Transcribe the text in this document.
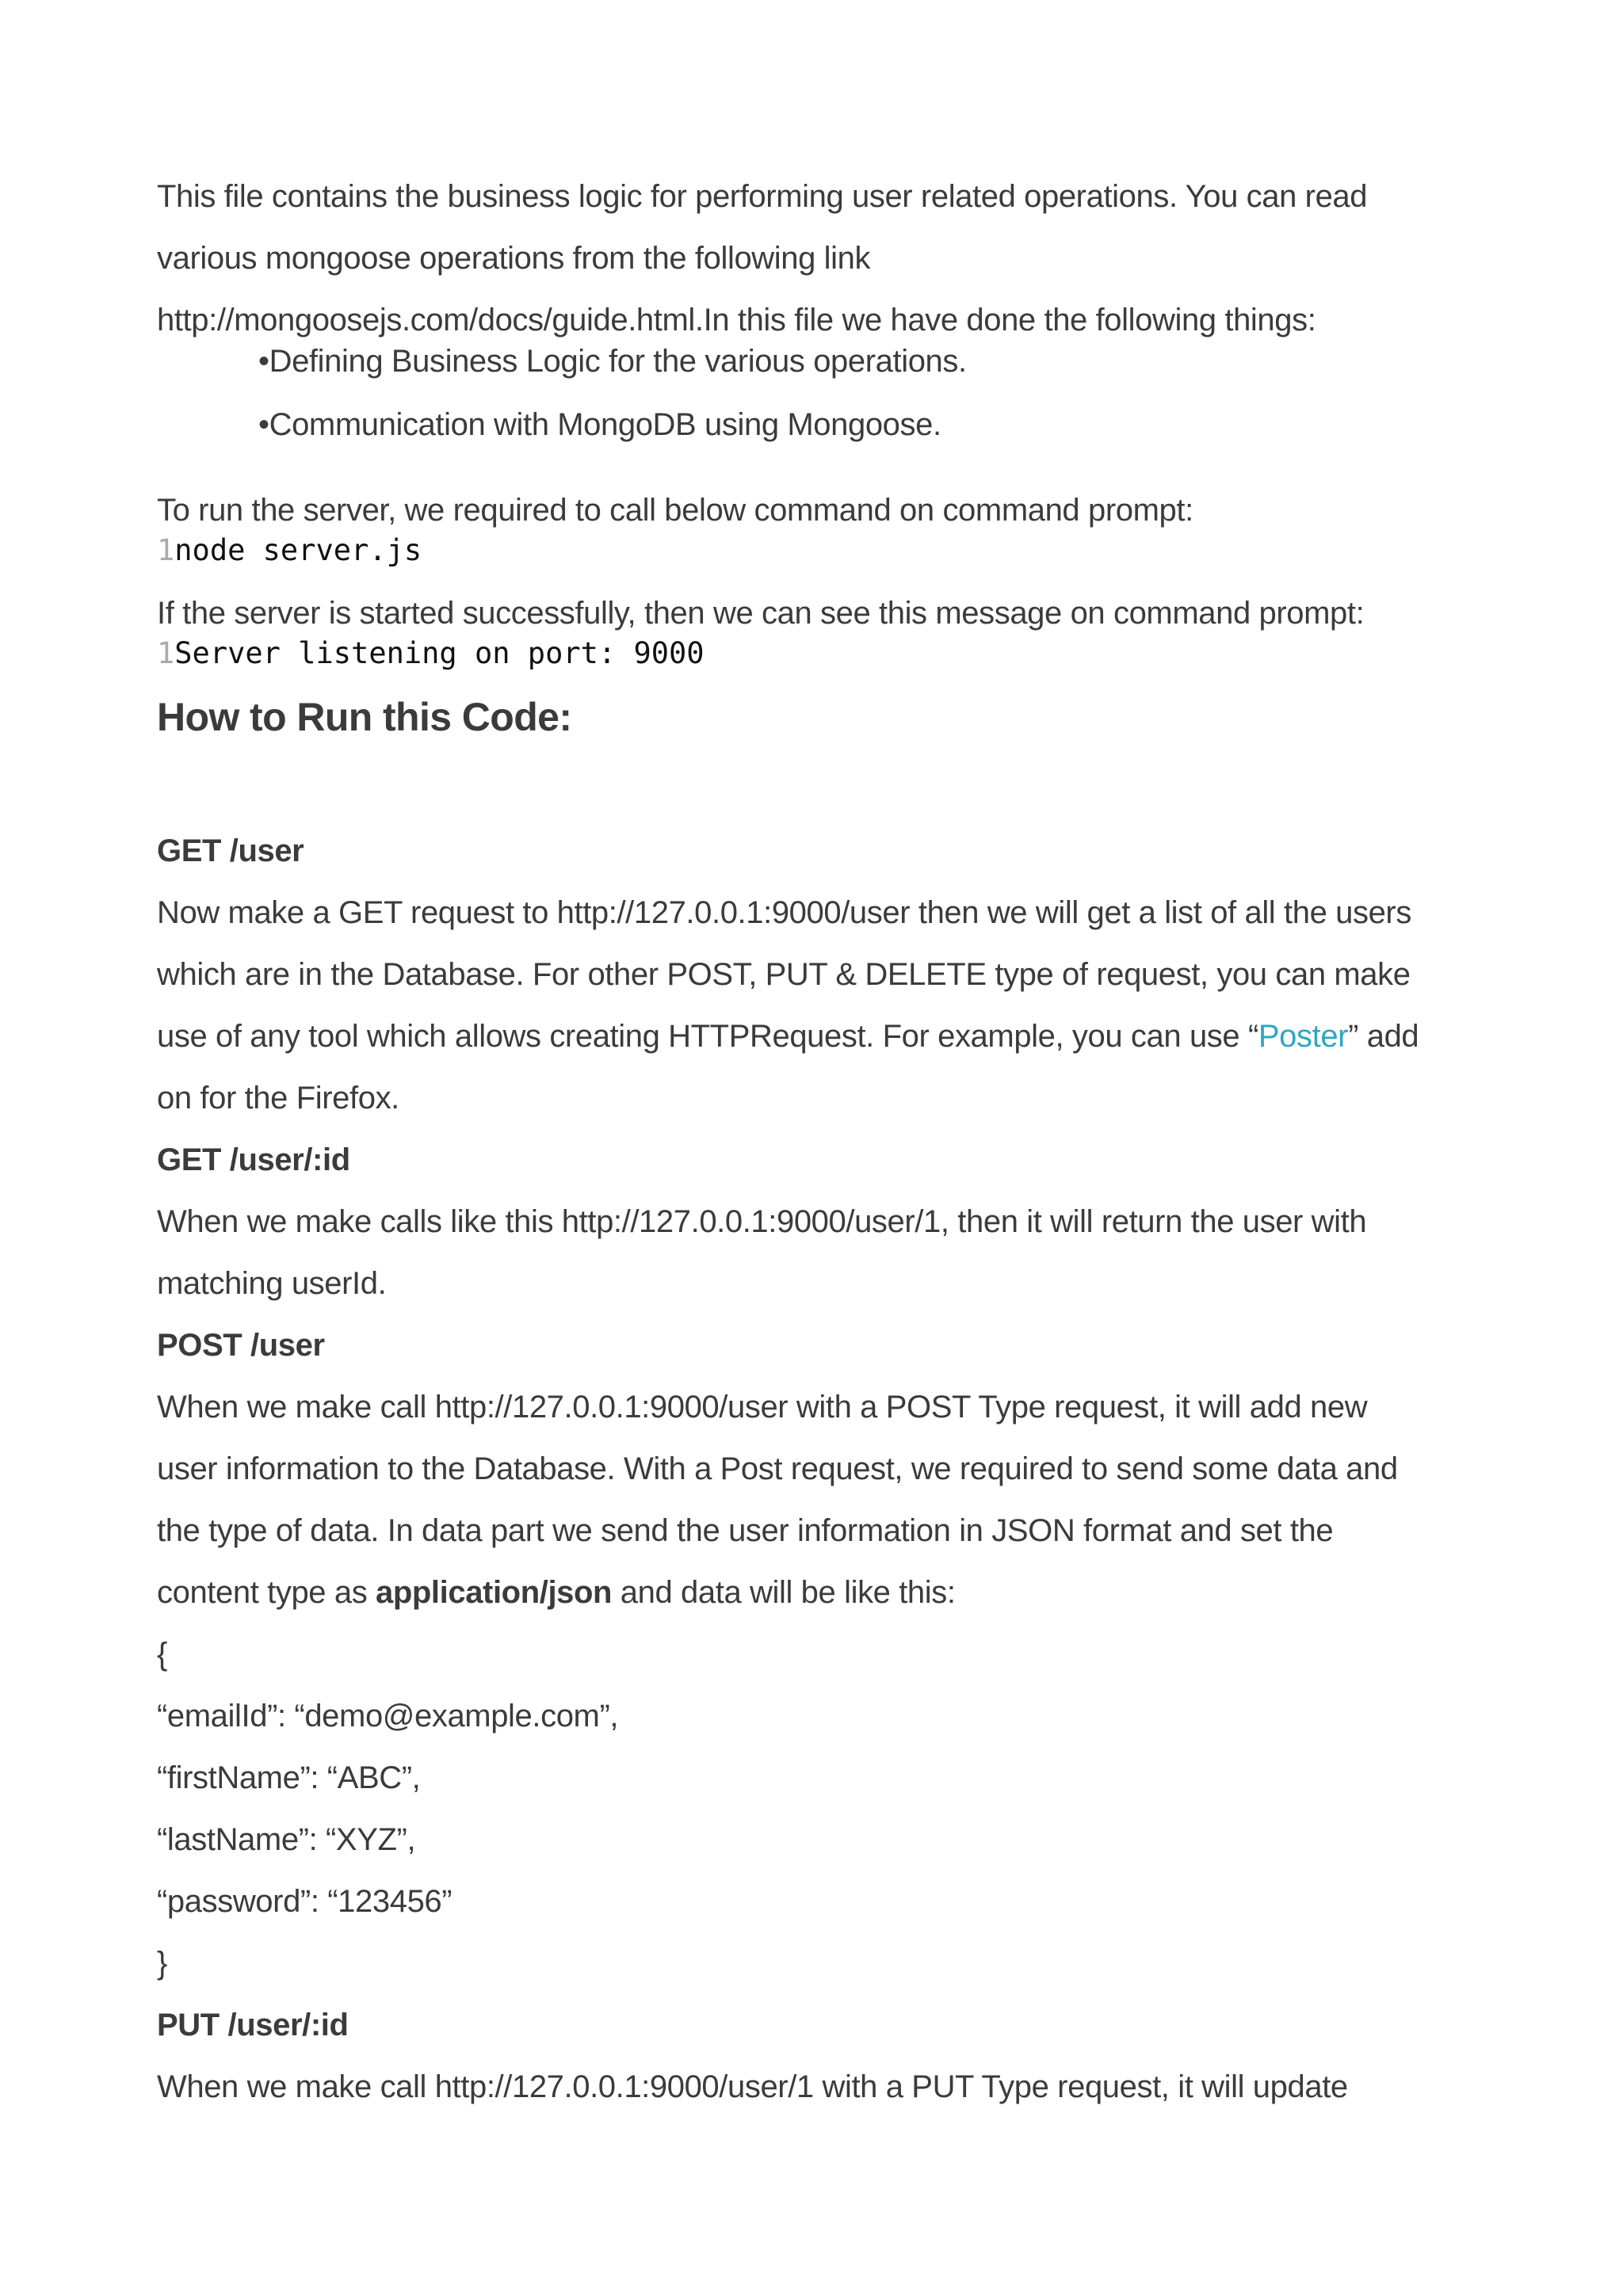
This file contains the business logic for performing user related operations. You can read
various mongoose operations from the following link
http://mongoosejs.com/docs/guide.html.In this file we have done the following things:
•Defining Business Logic for the various operations.
•Communication with MongoDB using Mongoose.
To run the server, we required to call below command on command prompt:
1node server.js
If the server is started successfully, then we can see this message on command prompt:
1Server listening on port: 9000
How to Run this Code:
GET /user
Now make a GET request to http://127.0.0.1:9000/user then we will get a list of all the users
which are in the Database. For other POST, PUT & DELETE type of request, you can make
use of any tool which allows creating HTTPRequest. For example, you can use “Poster” add
on for the Firefox.
GET /user/:id
When we make calls like this http://127.0.0.1:9000/user/1, then it will return the user with
matching userId.
POST /user
When we make call http://127.0.0.1:9000/user with a POST Type request, it will add new
user information to the Database. With a Post request, we required to send some data and
the type of data. In data part we send the user information in JSON format and set the
content type as application/json and data will be like this:
{
“emailId”: “demo@example.com”,
“firstName”: “ABC”,
“lastName”: “XYZ”,
“password”: “123456”
}
PUT /user/:id
When we make call http://127.0.0.1:9000/user/1 with a PUT Type request, it will update
